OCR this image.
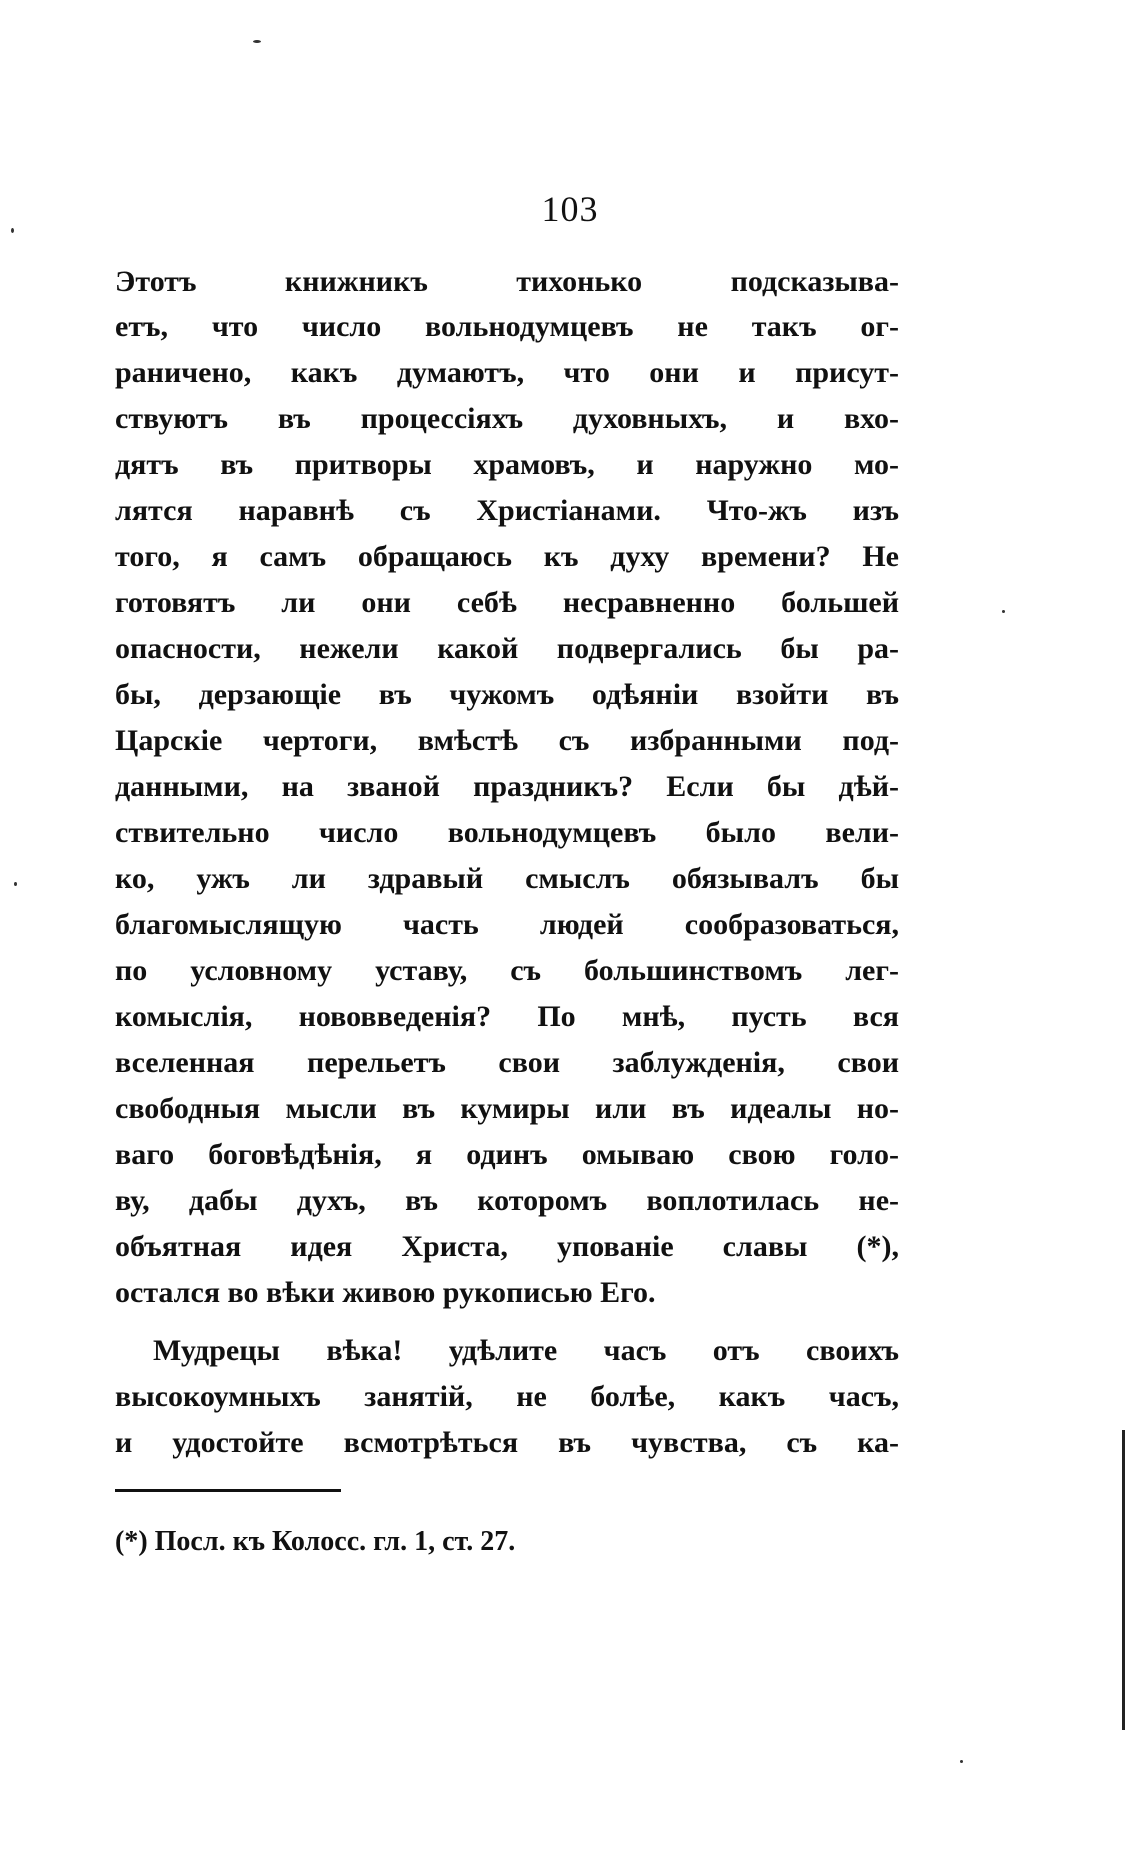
103
Этотъ книжникъ тихонько подсказыва-
етъ, что число вольнодумцевъ не такъ ог-
раничено, какъ думаютъ, что они и присут-
ствуютъ въ процессіяхъ духовныхъ, и вхо-
дятъ въ притворы храмовъ, и наружно мо-
лятся наравнѣ съ Христіанами. Что-жъ изъ
того, я самъ обращаюсь къ духу времени? Не
готовятъ ли они себѣ несравненно большей
опасности, нежели какой подвергались бы ра-
бы, дерзающіе въ чужомъ одѣяніи взойти въ
Царскіе чертоги, вмѣстѣ съ избранными под-
данными, на званой праздникъ? Если бы дѣй-
ствительно число вольнодумцевъ было вели-
ко, ужъ ли здравый смыслъ обязывалъ бы
благомыслящую часть людей сообразоваться,
по условному уставу, съ большинствомъ лег-
комыслія, нововведенія? По мнѣ, пусть вся
вселенная перельетъ свои заблужденія, свои
свободныя мысли въ кумиры или въ идеалы но-
ваго боговѣдѣнія, я одинъ омываю свою голо-
ву, дабы духъ, въ которомъ воплотилась не-
объятная идея Христа, упованіе славы (*),
остался во вѣки живою рукописью Его.
Мудрецы вѣка! удѣлите часъ отъ своихъ
высокоумныхъ занятій, не болѣе, какъ часъ,
и удостойте всмотрѣться въ чувства, съ ка-
(*) Посл. къ Колосс. гл. 1, ст. 27.
